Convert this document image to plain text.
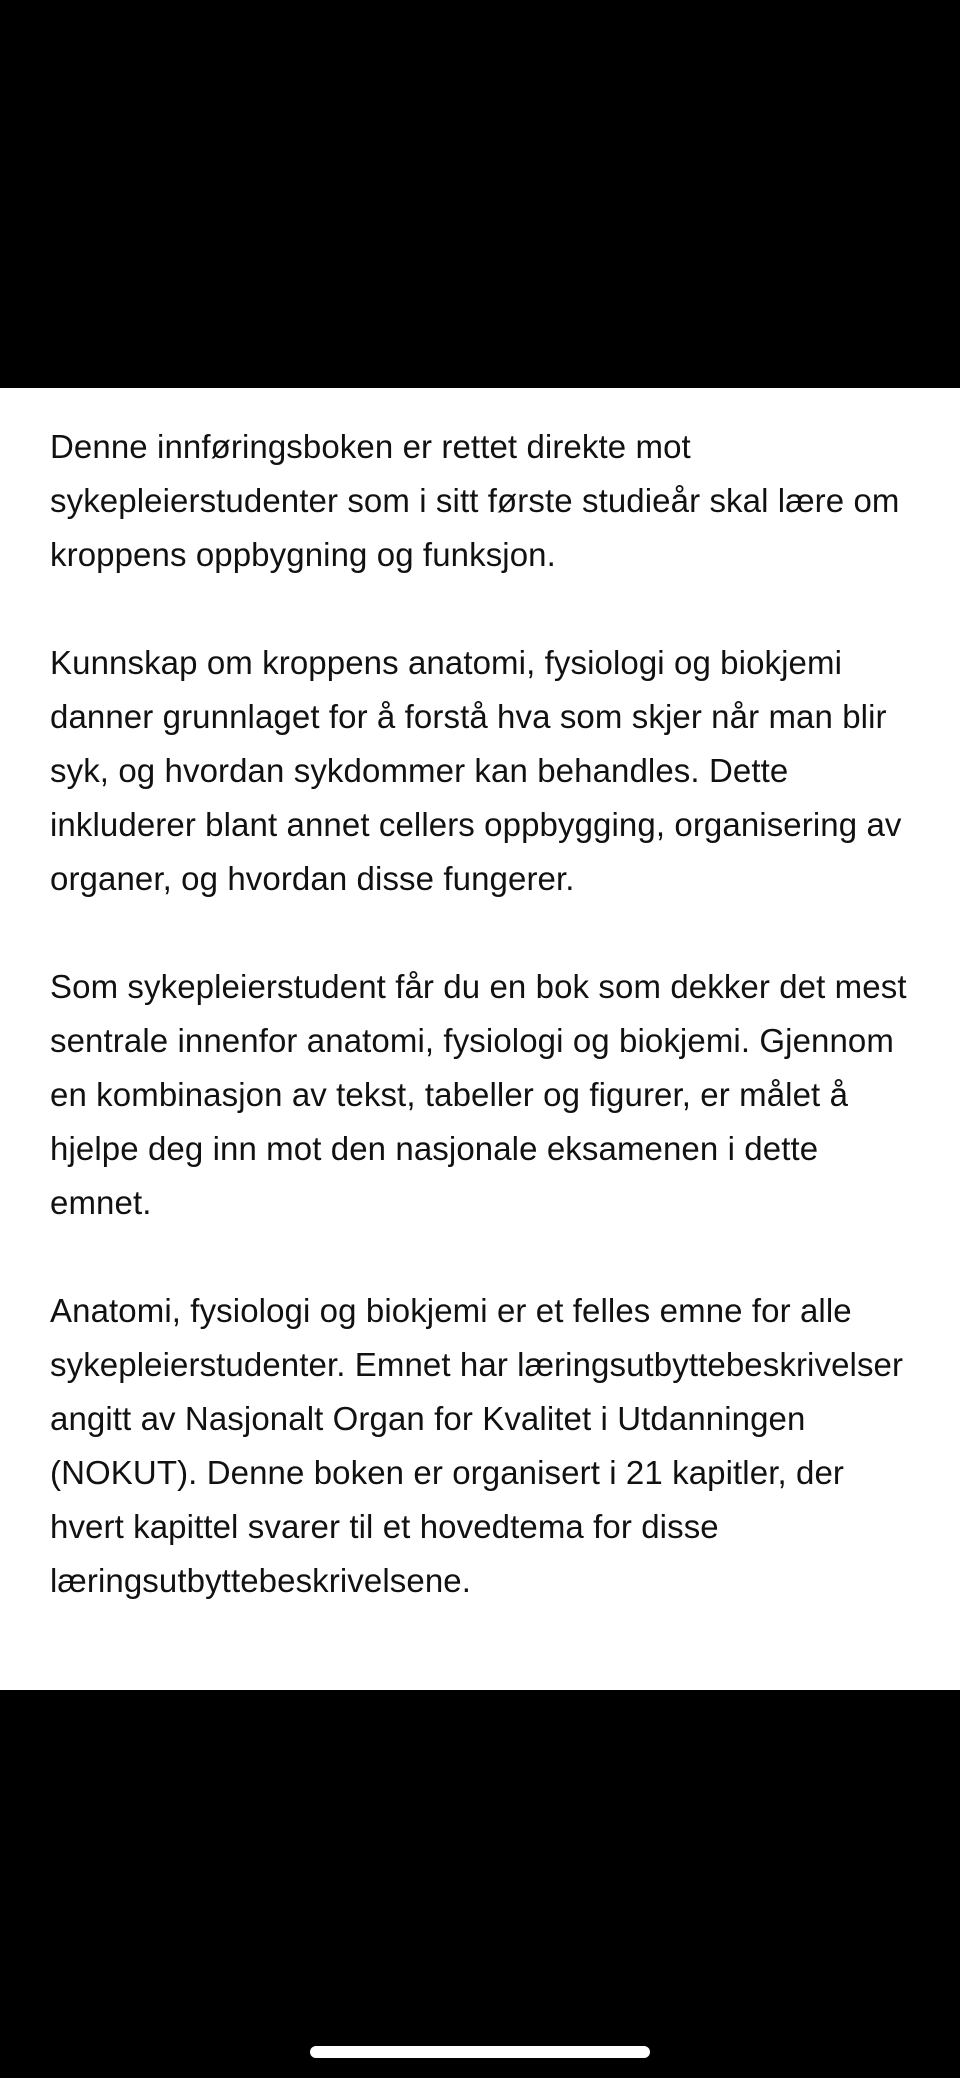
Denne innføringsboken er rettet direkte mot sykepleierstudenter som i sitt første studieår skal lære om kroppens oppbygning og funksjon.

Kunnskap om kroppens anatomi, fysiologi og biokjemi danner grunnlaget for å forstå hva som skjer når man blir syk, og hvordan sykdommer kan behandles. Dette inkluderer blant annet cellers oppbygging, organisering av organer, og hvordan disse fungerer.

Som sykepleierstudent får du en bok som dekker det mest sentrale innenfor anatomi, fysiologi og biokjemi. Gjennom en kombinasjon av tekst, tabeller og figurer, er målet å hjelpe deg inn mot den nasjonale eksamenen i dette emnet.

Anatomi, fysiologi og biokjemi er et felles emne for alle sykepleierstudenter. Emnet har læringsutbyttebeskrivelser angitt av Nasjonalt Organ for Kvalitet i Utdanningen (NOKUT). Denne boken er organisert i 21 kapitler, der hvert kapittel svarer til et hovedtema for disse læringsutbyttebeskrivelsene.
